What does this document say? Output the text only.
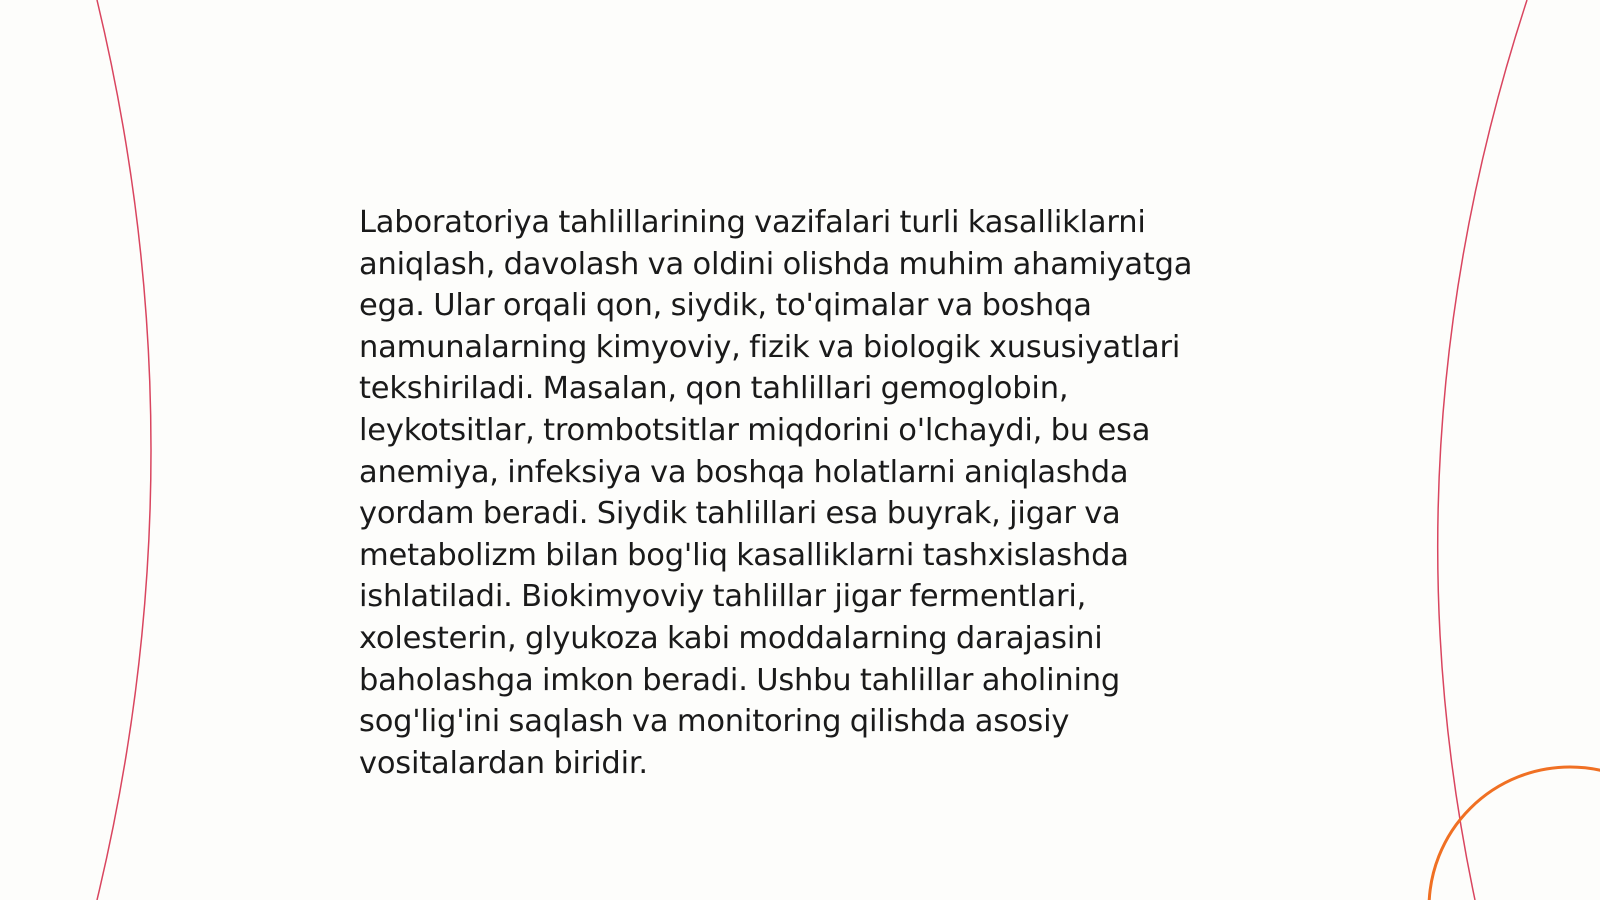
Laboratoriya tahlillarining vazifalari turli kasalliklarni aniqlash, davolash va oldini olishda muhim ahamiyatga ega. Ular orqali qon, siydik, to'qimalar va boshqa namunalarning kimyoviy, fizik va biologik xususiyatlari tekshiriladi. Masalan, qon tahlillari gemoglobin, leykotsitlar, trombotsitlar miqdorini o'lchaydi, bu esa anemiya, infeksiya va boshqa holatlarni aniqlashda yordam beradi. Siydik tahlillari esa buyrak, jigar va metabolizm bilan bog'liq kasalliklarni tashxislashda ishlatiladi. Biokimyoviy tahlillar jigar fermentlari, xolesterin, glyukoza kabi moddalarning darajasini baholashga imkon beradi. Ushbu tahlillar aholining sog'lig'ini saqlash va monitoring qilishda asosiy vositalardan biridir.
